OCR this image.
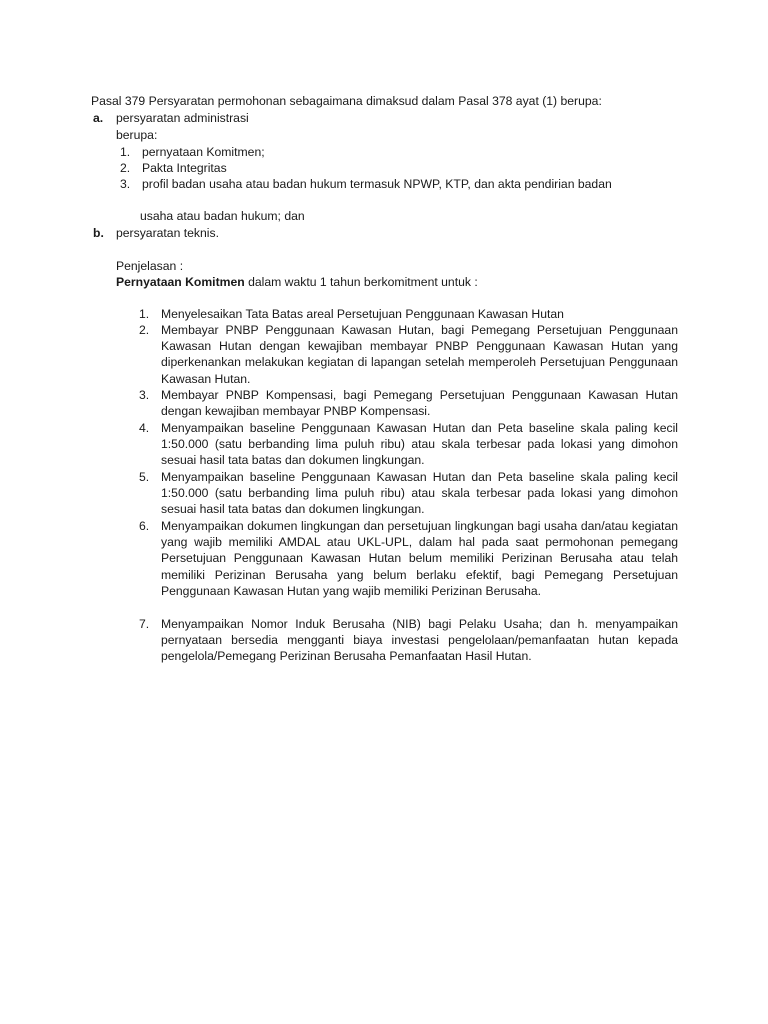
Pasal 379 Persyaratan permohonan sebagaimana dimaksud dalam Pasal 378 ayat (1) berupa:
a. persyaratan administrasi
berupa:
1. pernyataan Komitmen;
2. Pakta Integritas
3. profil badan usaha atau badan hukum termasuk NPWP, KTP, dan akta pendirian badan
usaha atau badan hukum; dan
b. persyaratan teknis.
Penjelasan :
Pernyataan Komitmen dalam waktu 1 tahun berkomitment untuk :
1. Menyelesaikan Tata Batas areal Persetujuan Penggunaan Kawasan Hutan
2. Membayar PNBP Penggunaan Kawasan Hutan, bagi Pemegang Persetujuan Penggunaan Kawasan Hutan dengan kewajiban membayar PNBP Penggunaan Kawasan Hutan yang diperkenankan melakukan kegiatan di lapangan setelah memperoleh Persetujuan Penggunaan Kawasan Hutan.
3. Membayar PNBP Kompensasi, bagi Pemegang Persetujuan Penggunaan Kawasan Hutan dengan kewajiban membayar PNBP Kompensasi.
4. Menyampaikan baseline Penggunaan Kawasan Hutan dan Peta baseline skala paling kecil 1:50.000 (satu berbanding lima puluh ribu) atau skala terbesar pada lokasi yang dimohon sesuai hasil tata batas dan dokumen lingkungan.
5. Menyampaikan baseline Penggunaan Kawasan Hutan dan Peta baseline skala paling kecil 1:50.000 (satu berbanding lima puluh ribu) atau skala terbesar pada lokasi yang dimohon sesuai hasil tata batas dan dokumen lingkungan.
6. Menyampaikan dokumen lingkungan dan persetujuan lingkungan bagi usaha dan/atau kegiatan yang wajib memiliki AMDAL atau UKL-UPL, dalam hal pada saat permohonan pemegang Persetujuan Penggunaan Kawasan Hutan belum memiliki Perizinan Berusaha atau telah memiliki Perizinan Berusaha yang belum berlaku efektif, bagi Pemegang Persetujuan Penggunaan Kawasan Hutan yang wajib memiliki Perizinan Berusaha.
7. Menyampaikan Nomor Induk Berusaha (NIB) bagi Pelaku Usaha; dan h. menyampaikan pernyataan bersedia mengganti biaya investasi pengelolaan/pemanfaatan hutan kepada pengelola/Pemegang Perizinan Berusaha Pemanfaatan Hasil Hutan.
